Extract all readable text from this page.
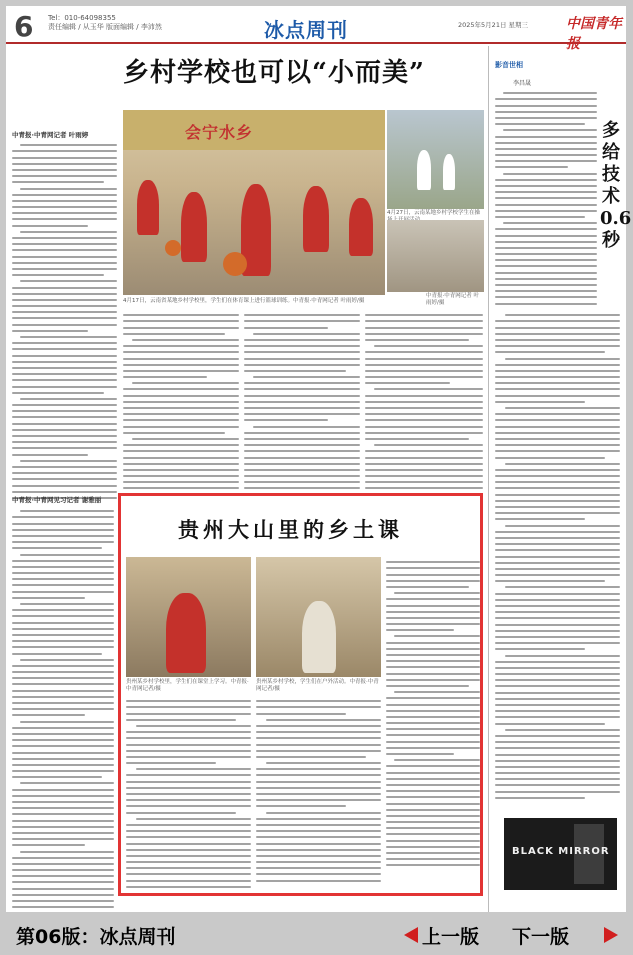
6 Tel：010-64098355
责任编辑 / 从玉华 版面编辑 / 李沛然	冰点周刊	2025年5月21日 星期三	中国青年报
乡村学校也可以“小而美”
中青报·中青网记者 叶雨婷	会宁水乡
4月27日，云南某地乡村学校学生在操
中青报·中青网记者 叶雨婷/摄
4月17日，云南省某地乡村学校里，学生们在体育课上进行篮球训练。中青报·中青网记者 叶雨婷/摄
中青报·中青网见习记者 谢雅丽
贵州大山里的乡土课
贵州某乡村学校里，学生们在课堂上学习。中青报·中青网记者/摄
贵州某乡村学校，学生们在户外活动。中青报·中青网记者/摄
影音世相
李昌晟
多给技术0.6秒
BLACK MIRROR
第06版：冰点周刊	上一版 下一版
